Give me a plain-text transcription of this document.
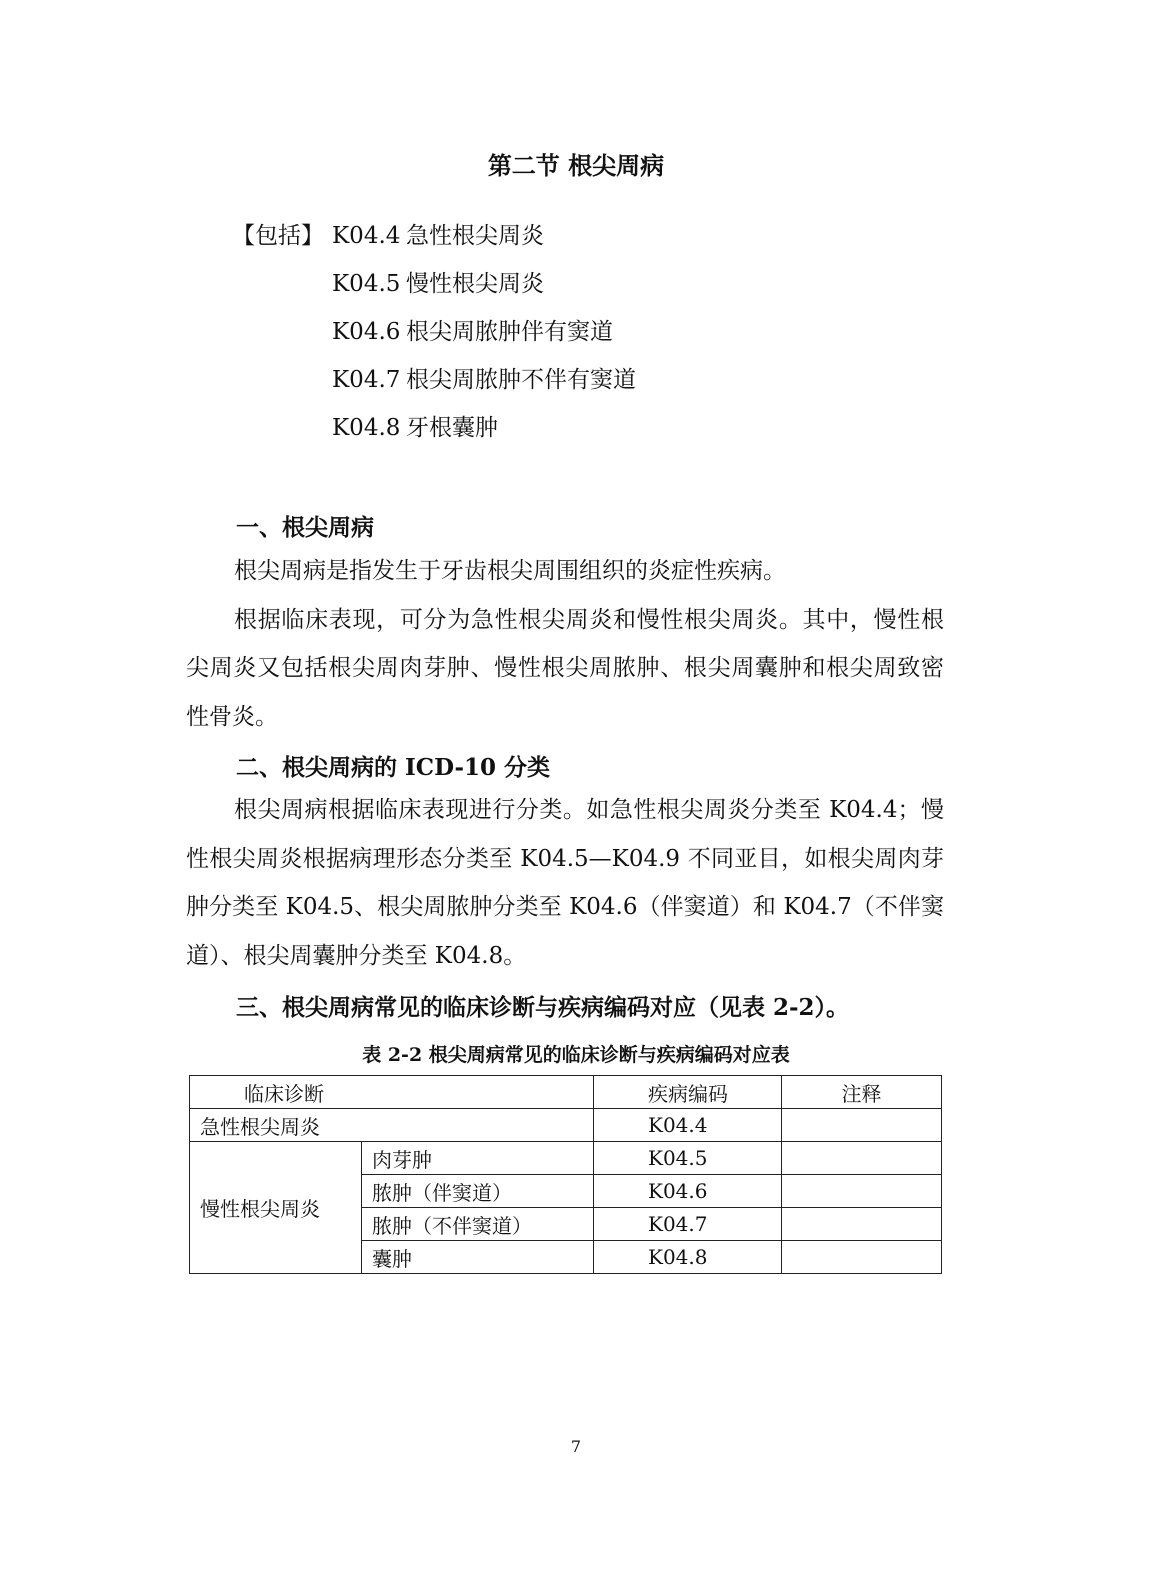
第二节 根尖周病
【包括】 K04.4 急性根尖周炎
K04.5 慢性根尖周炎
K04.6 根尖周脓肿伴有窦道
K04.7 根尖周脓肿不伴有窦道
K04.8 牙根囊肿
一、根尖周病

根尖周病是指发生于牙齿根尖周围组织的炎症性疾病。

根据临床表现，可分为急性根尖周炎和慢性根尖周炎。其中，慢性根尖周炎又包括根尖周肉芽肿、慢性根尖周脓肿、根尖周囊肿和根尖周致密性骨炎。

二、根尖周病的 ICD-10 分类

根尖周病根据临床表现进行分类。如急性根尖周炎分类至 K04.4；慢性根尖周炎根据病理形态分类至 K04.5—K04.9 不同亚目，如根尖周肉芽肿分类至 K04.5、根尖周脓肿分类至 K04.6（伴窦道）和 K04.7（不伴窦道）、根尖周囊肿分类至 K04.8。

三、根尖周病常见的临床诊断与疾病编码对应（见表 2-2）。
表 2-2 根尖周病常见的临床诊断与疾病编码对应表
临床诊断		疾病编码	注释
急性根尖周炎		K04.4	
慢性根尖周炎	肉芽肿	K04.5	
	脓肿（伴窦道）	K04.6	
	脓肿（不伴窦道）	K04.7	
	囊肿	K04.8	
7
